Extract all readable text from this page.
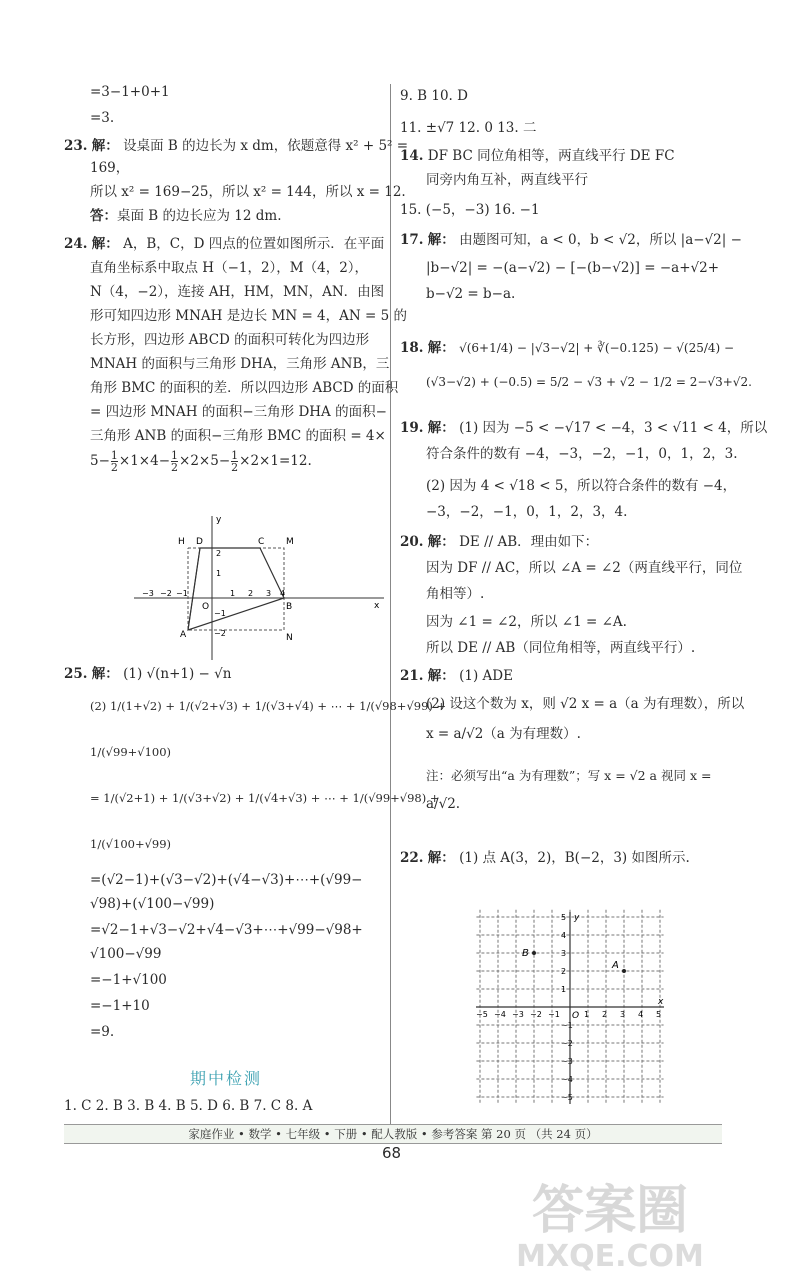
=3−1+0+1
=3.
23. 解： 设桌面 B 的边长为 x dm，依题意得 x² + 5² =
169，
所以 x² = 169−25，所以 x² = 144，所以 x = 12.
答：桌面 B 的边长应为 12 dm.
24. 解： A，B，C，D 四点的位置如图所示．在平面
直角坐标系中取点 H（−1，2），M（4，2），
N（4，−2），连接 AH，HM，MN，AN．由图
形可知四边形 MNAH 是边长 MN = 4，AN = 5 的
长方形，四边形 ABCD 的面积可转化为四边形
MNAH 的面积与三角形 DHA，三角形 ANB，三
角形 BMC 的面积的差．所以四边形 ABCD 的面积
= 四边形 MNAH 的面积−三角形 DHA 的面积−
三角形 ANB 的面积−三角形 BMC 的面积 = 4×
$5- \frac{1}{2} \times 1\times 4- \frac{1}{2} \times 2\times 5- \frac{1}{2} \times 2\times 1=12$.
H D	C M
A
B
N
O	x
y
−3 −2 −1	1 2 3 4
2
1
−1
−2
25. 解： (1) √(n+1) − √n
(2) 1/(1+√2) + 1/(√2+√3) + 1/(√3+√4) + ⋯ + 1/(√98+√99) +
1/(√99+√100)
= 1/(√2+1) + 1/(√3+√2) + 1/(√4+√3) + ⋯ + 1/(√99+√98) +
1/(√100+√99)
=(√2−1)+(√3−√2)+(√4−√3)+⋯+(√99−
√98)+(√100−√99)
=√2−1+√3−√2+√4−√3+⋯+√99−√98+
√100−√99
=−1+√100
=−1+10
=9.
期中检测
1. C 2. B 3. B 4. B 5. D 6. B 7. C 8. A
9. B 10. D
11. ±√7 12. 0 13. 二
14. DF BC 同位角相等，两直线平行 DE FC
同旁内角互补，两直线平行
15. (−5，−3) 16. −1
17. 解： 由题图可知，a < 0，b < √2，所以 |a−√2| −
|b−√2| = −(a−√2) − [−(b−√2)] = −a+√2+
b−√2 = b−a.
18. 解： √(6+1/4) − |√3−√2| + ∛(−0.125) − √(25/4) −
(√3−√2) + (−0.5) = 5/2 − √3 + √2 − 1/2 = 2−√3+√2.
19. 解： (1) 因为 −5 < −√17 < −4，3 < √11 < 4，所以
符合条件的数有 −4，−3，−2，−1，0，1，2，3.
(2) 因为 4 < √18 < 5，所以符合条件的数有 −4，
−3，−2，−1，0，1，2，3，4.
20. 解： DE // AB．理由如下：
因为 DF // AC，所以 ∠A = ∠2（两直线平行，同位
角相等）.
因为 ∠1 = ∠2，所以 ∠1 = ∠A.
所以 DE // AB（同位角相等，两直线平行）.
21. 解： (1) ADE
(2) 设这个数为 x，则 √2 x = a（a 为有理数），所以
x = a/√2（a 为有理数）.
注：必须写出“a 为有理数”；写 x = √2 a 视同 x =
a/√2.
22. 解： (1) 点 A(3，2)，B(−2，3) 如图所示.
−5
−5
−4
−4
−3
−3
−2
−2
−1
−1
1
1
2
2
3
3
4
4
5
5
A
B
O
x
y
家庭作业 • 数学 • 七年级 • 下册 • 配人教版 • 参考答案 第 20 页 （共 24 页）
68
答案圈
MXQE.COM
